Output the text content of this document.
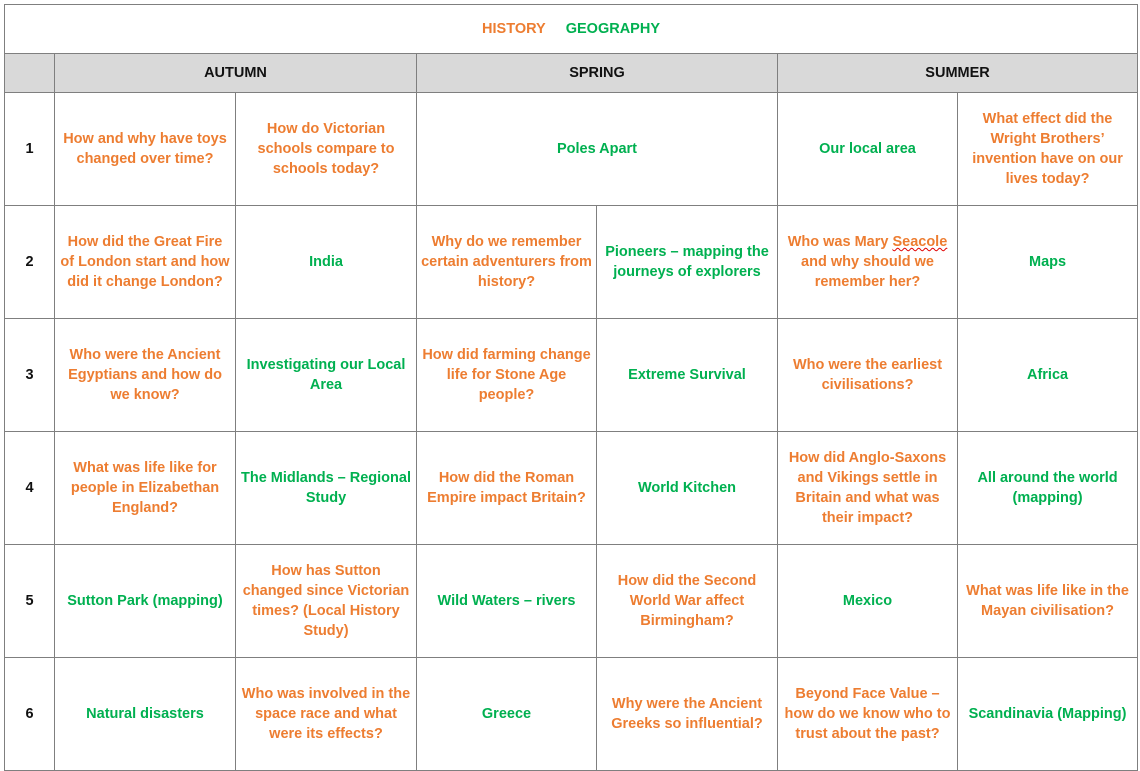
HISTORY GEOGRAPHY						
	AUTUMN		SPRING		SUMMER	
1	How and why have toys changed over time?	How do Victorian schools compare to schools today?	Poles Apart		Our local area	What effect did the Wright Brothers’ invention have on our lives today?
2	How did the Great Fire of London start and how did it change London?	India	Why do we remember certain adventurers from history?	Pioneers – mapping the journeys of explorers	Who was Mary Seacole and why should we remember her?	Maps
3	Who were the Ancient Egyptians and how do we know?	Investigating our Local Area	How did farming change life for Stone Age people?	Extreme Survival	Who were the earliest civilisations?	Africa
4	What was life like for people in Elizabethan England?	The Midlands – Regional Study	How did the Roman Empire impact Britain?	World Kitchen	How did Anglo-Saxons and Vikings settle in Britain and what was their impact?	All around the world (mapping)
5	Sutton Park (mapping)	How has Sutton changed since Victorian times? (Local History Study)	Wild Waters – rivers	How did the Second World War affect Birmingham?	Mexico	What was life like in the Mayan civilisation?
6	Natural disasters	Who was involved in the space race and what were its effects?	Greece	Why were the Ancient Greeks so influential?	Beyond Face Value – how do we know who to trust about the past?	Scandinavia (Mapping)
